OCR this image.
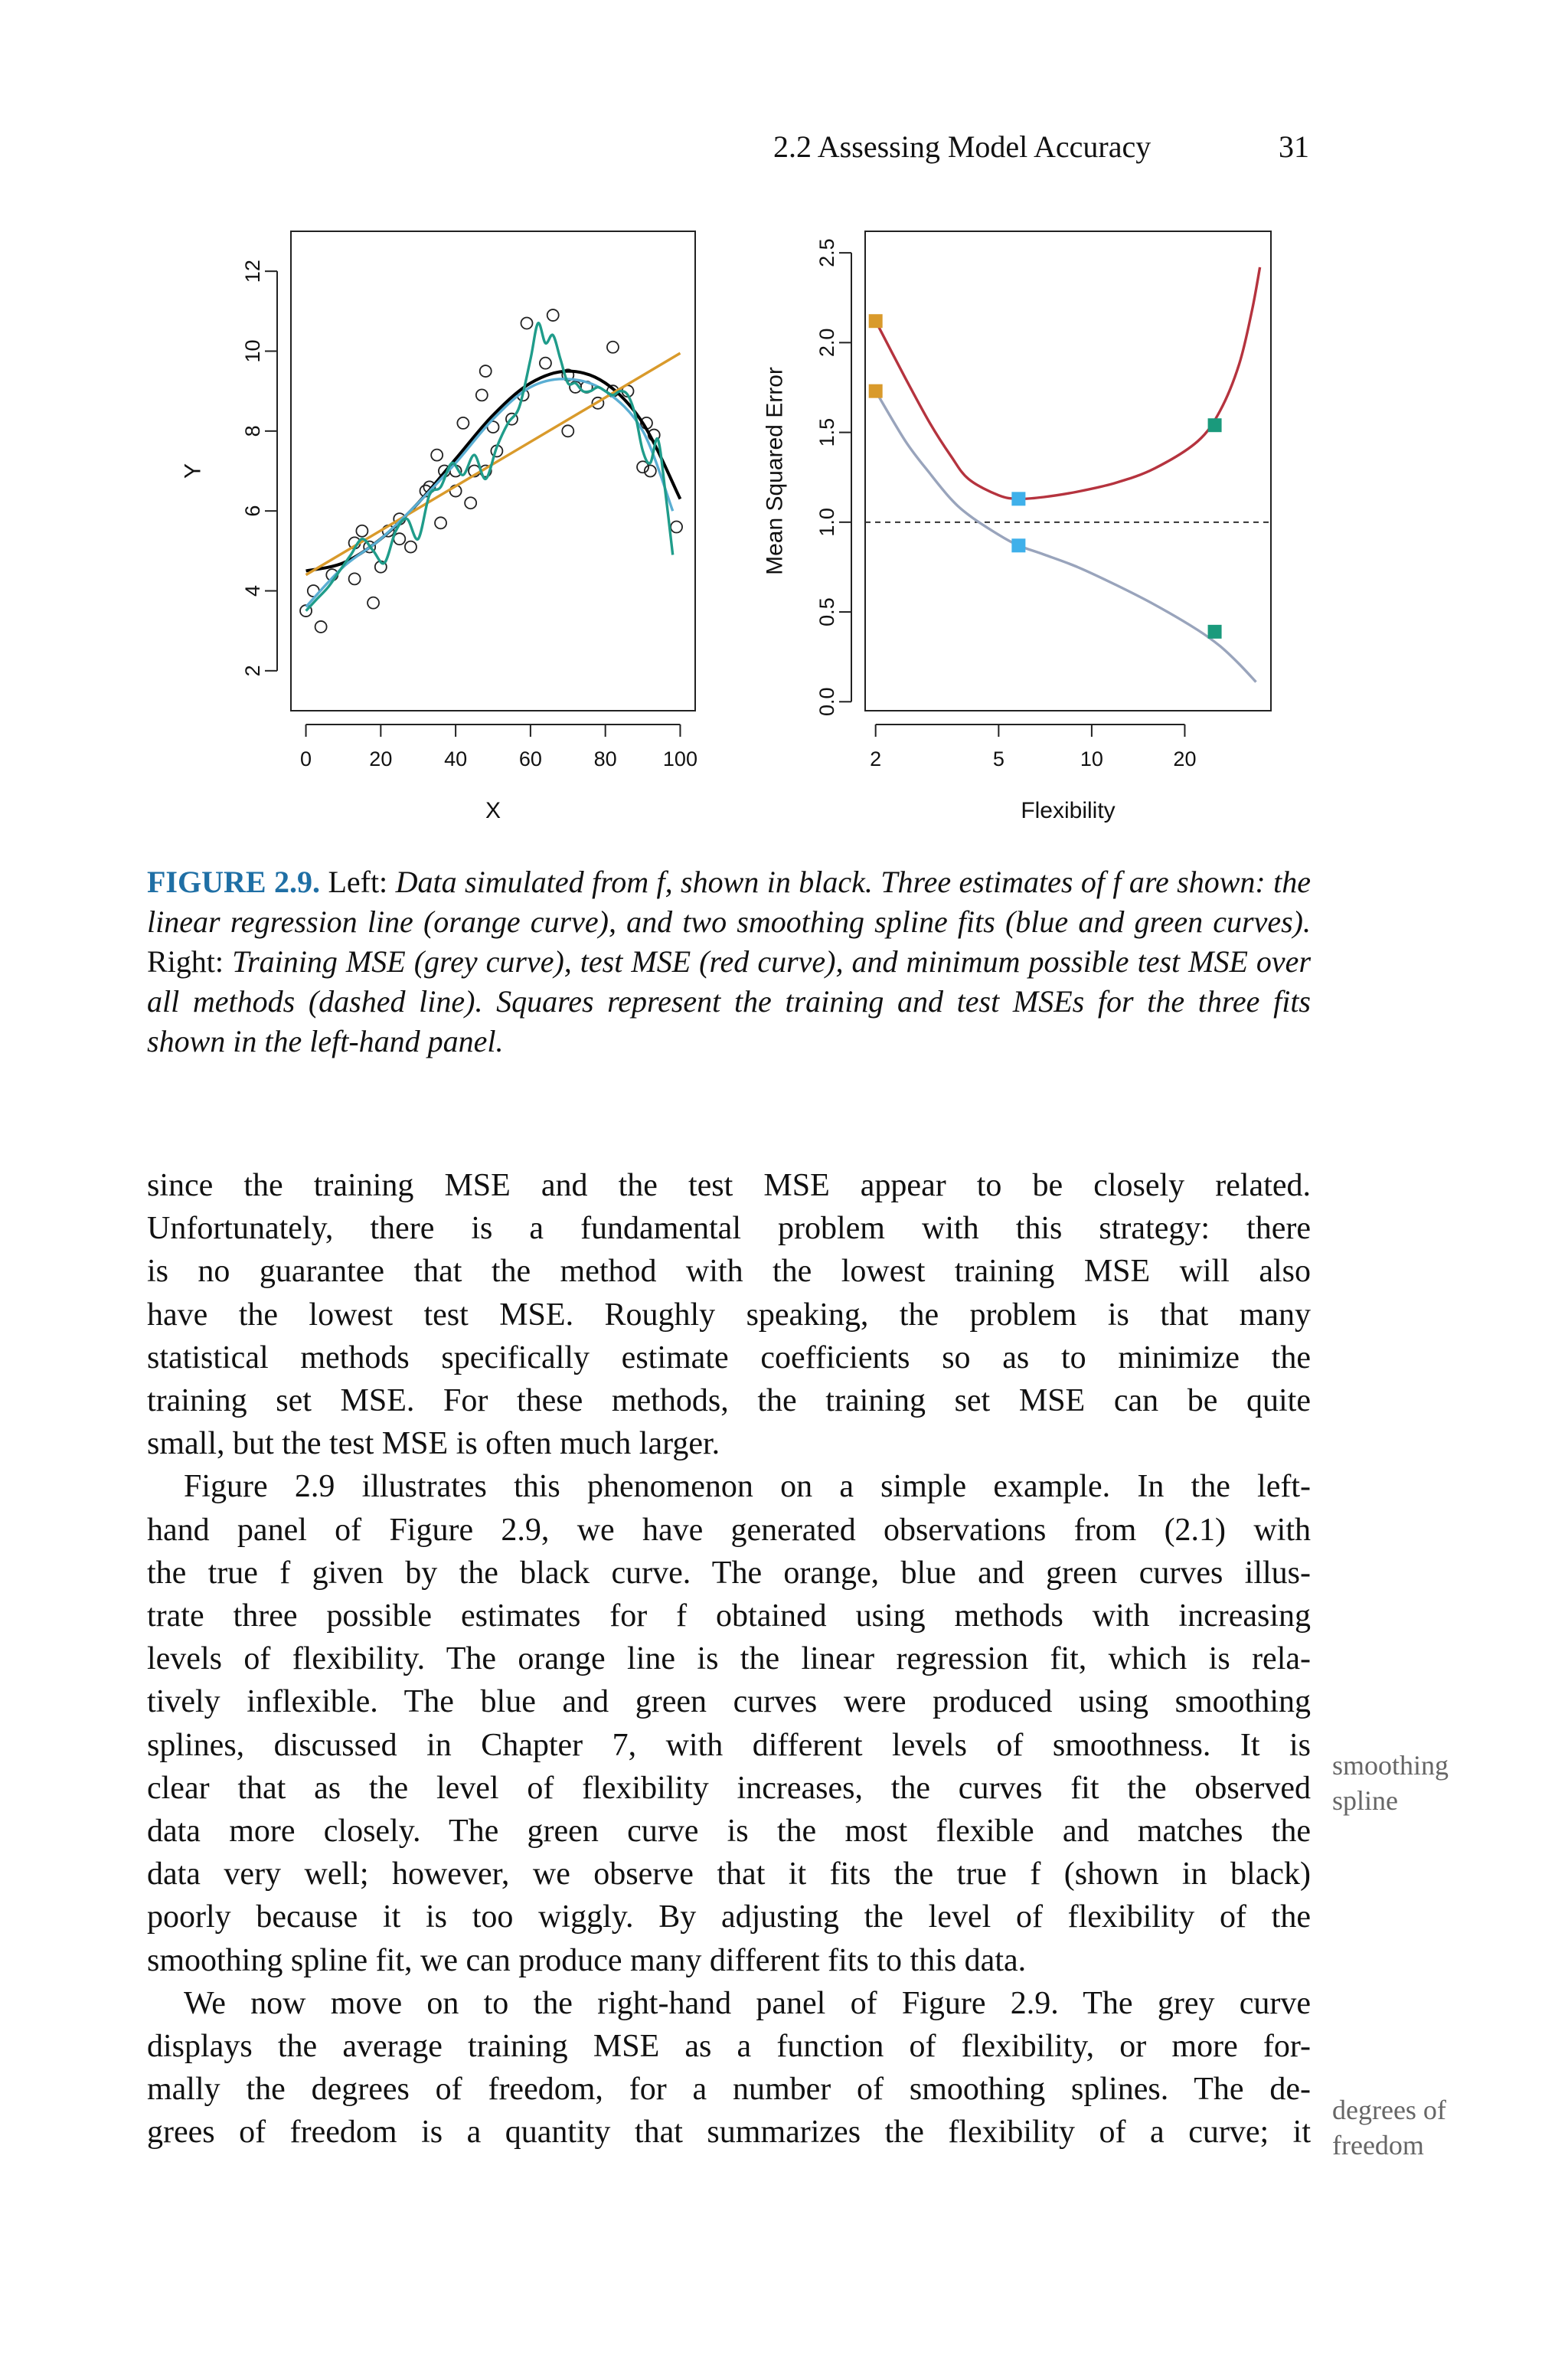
2.2 Assessing Model Accuracy	31
0	20	40	60	80 100
2
4
6
8
10
12
X
Y
2	5	10	20
0.0
0.5
1.0
1.5
2.0
2.5
Flexibility
Mean Squared Error
FIGURE 2.9. Left: Data simulated from f, shown in black. Three estimates of f are shown: the linear regression line (orange curve), and two smoothing spline fits (blue and green curves). Right: Training MSE (grey curve), test MSE (red curve), and minimum possible test MSE over all methods (dashed line). Squares represent the training and test MSEs for the three fits shown in the left-hand panel.
since the training MSE and the test MSE appear to be closely related.
Unfortunately, there is a fundamental problem with this strategy: there
is no guarantee that the method with the lowest training MSE will also
have the lowest test MSE. Roughly speaking, the problem is that many
statistical methods specifically estimate coefficients so as to minimize the
training set MSE. For these methods, the training set MSE can be quite
small, but the test MSE is often much larger.
Figure 2.9 illustrates this phenomenon on a simple example. In the left-
hand panel of Figure 2.9, we have generated observations from (2.1) with
the true f given by the black curve. The orange, blue and green curves illus-
trate three possible estimates for f obtained using methods with increasing
levels of flexibility. The orange line is the linear regression fit, which is rela-
tively inflexible. The blue and green curves were produced using smoothing
splines, discussed in Chapter 7, with different levels of smoothness. It is
clear that as the level of flexibility increases, the curves fit the observed
data more closely. The green curve is the most flexible and matches the
data very well; however, we observe that it fits the true f (shown in black)
poorly because it is too wiggly. By adjusting the level of flexibility of the
smoothing spline fit, we can produce many different fits to this data.
We now move on to the right-hand panel of Figure 2.9. The grey curve
displays the average training MSE as a function of flexibility, or more for-
mally the degrees of freedom, for a number of smoothing splines. The de-
grees of freedom is a quantity that summarizes the flexibility of a curve; it
smoothing
spline
degrees of
freedom
